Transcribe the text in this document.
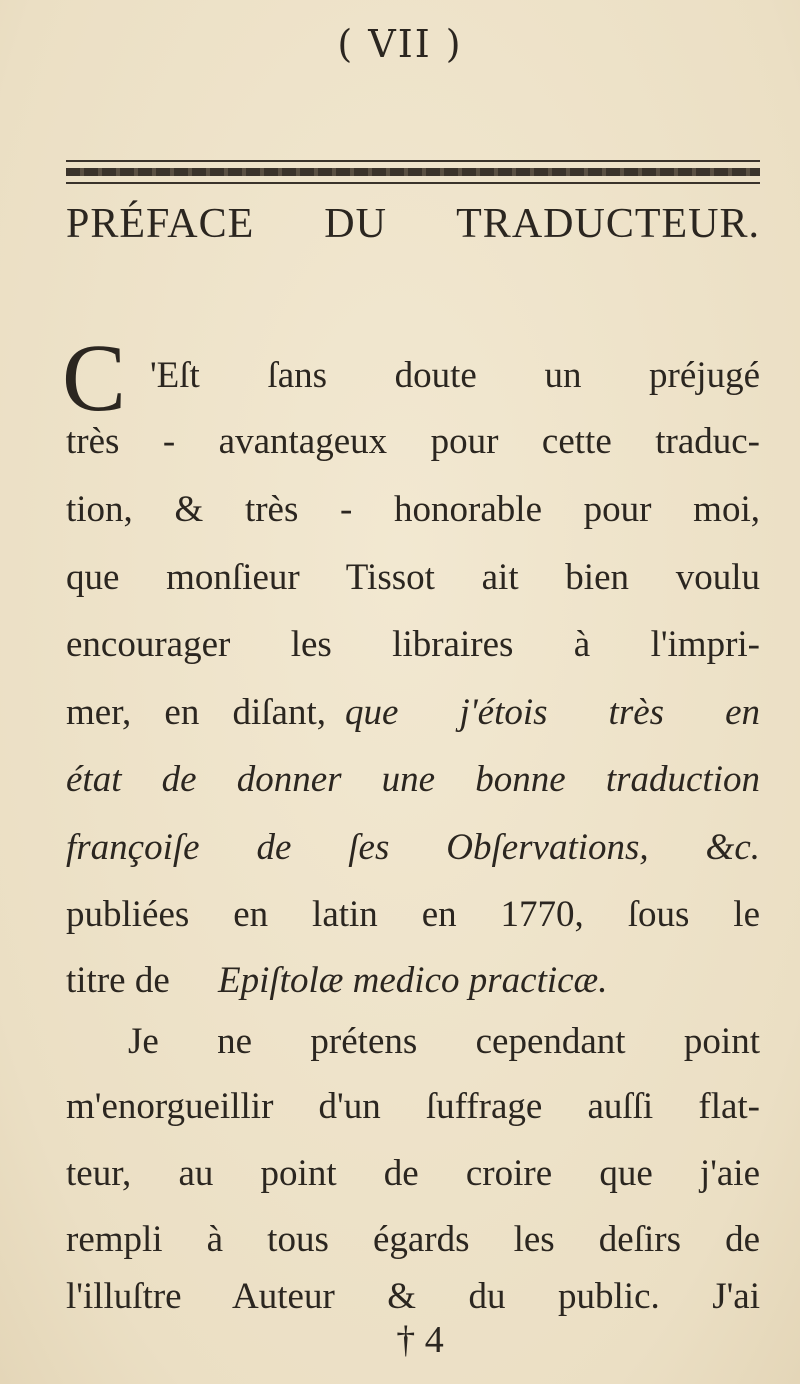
( VII )
PRÉFACE DU TRADUCTEUR.
C 'Eſt ſans doute un préjugé
très - avantageux pour cette traduc-
tion, & très - honorable pour moi,
que monſieur Tissot ait bien voulu
encourager les libraires à l'impri-
mer, en diſant, que j'étois très en
état de donner une bonne traduction
françoiſe de ſes Obſervations, &c.
publiées en latin en 1770, ſous le
titre de	Epiſtolæ medico practicæ.
Je ne prétens cependant point
m'enorgueillir d'un ſuffrage auſſi flat-
teur, au point de croire que j'aie
rempli à tous égards les deſirs de
l'illuſtre Auteur & du public. J'ai
† 4
